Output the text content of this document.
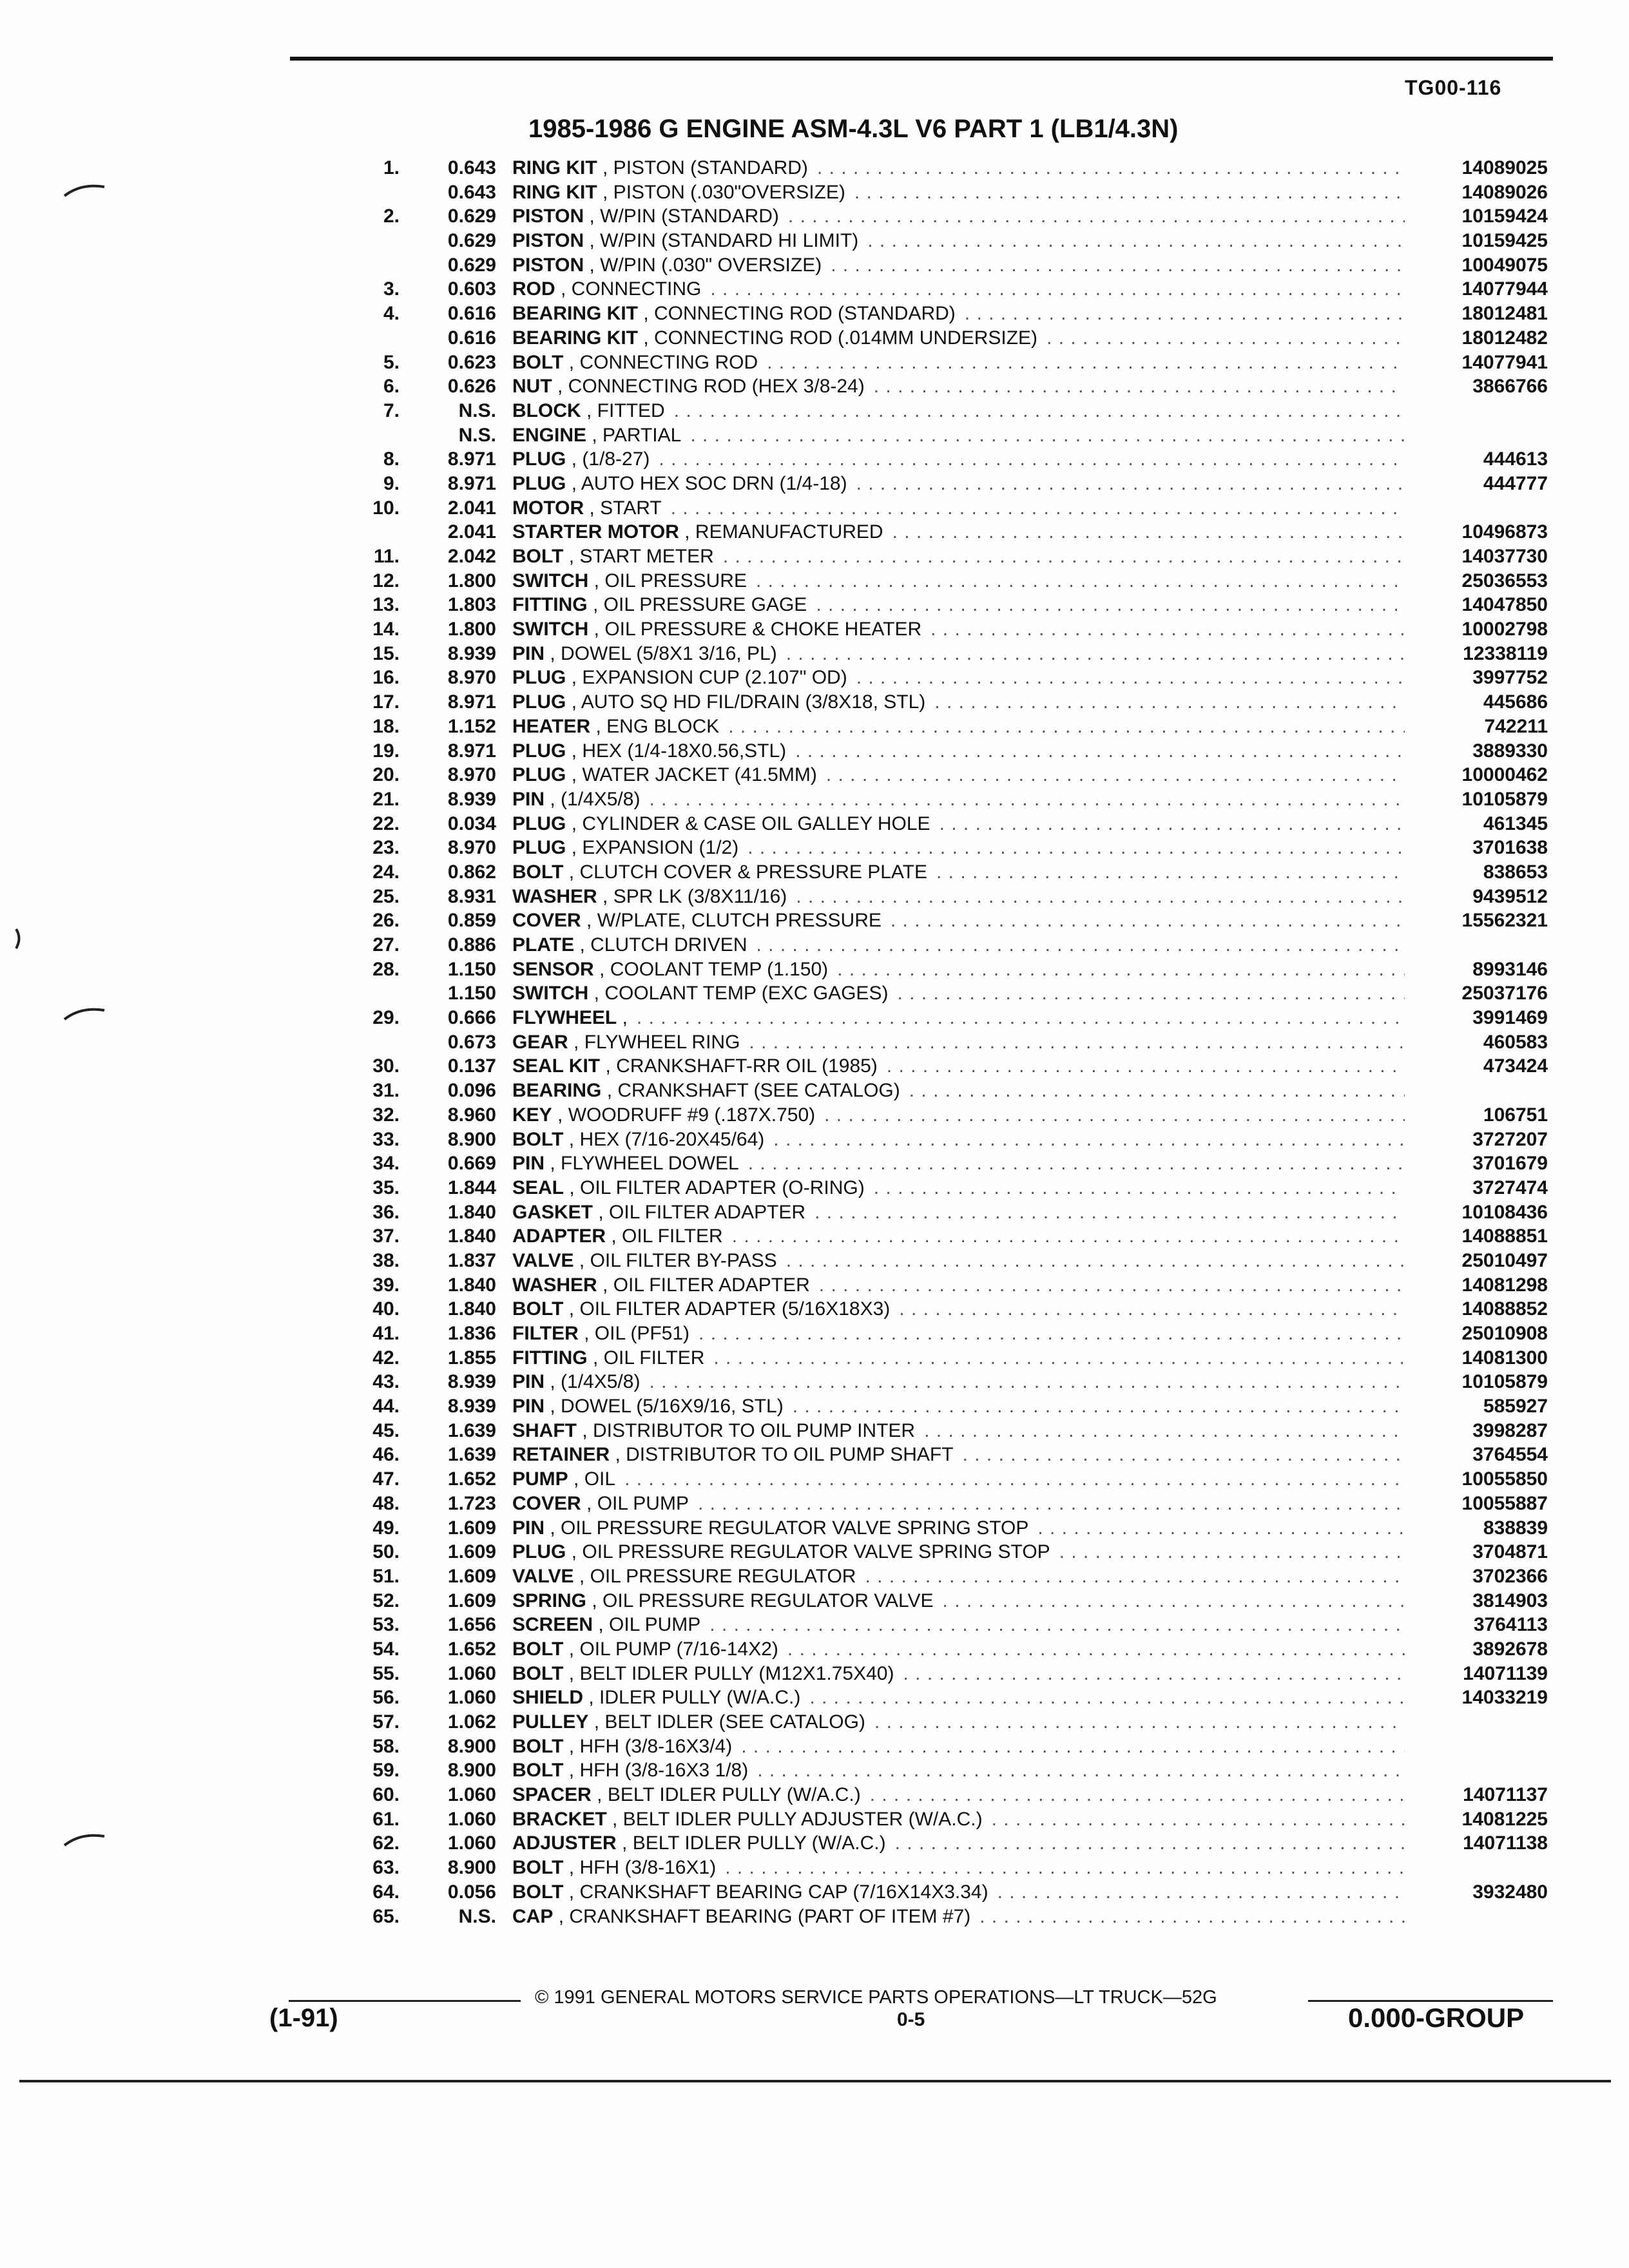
TG00-116
1985-1986 G ENGINE ASM-4.3L V6 PART 1 (LB1/4.3N)
1. 0.643 RING KIT , PISTON (STANDARD) . . .	14089025
0.643 RING KIT , PISTON (.030"OVERSIZE) . . .	14089026
2. 0.629 PISTON , W/PIN (STANDARD) . . .	10159424
0.629 PISTON , W/PIN (STANDARD HI LIMIT) . . .	10159425
0.629 PISTON , W/PIN (.030" OVERSIZE) . . .	10049075
3. 0.603 ROD , CONNECTING . . .	14077944
4. 0.616 BEARING KIT , CONNECTING ROD (STANDARD) . . .	18012481
0.616 BEARING KIT , CONNECTING ROD (.014MM UNDERSIZE) . . .	18012482
5. 0.623 BOLT , CONNECTING ROD . . .	14077941
6. 0.626 NUT , CONNECTING ROD (HEX 3/8-24) . . .	3866766
7.	N.S. BLOCK , FITTED . . .
N.S. ENGINE , PARTIAL . . .
8. 8.971 PLUG , (1/8-27) . . .	444613
9. 8.971 PLUG , AUTO HEX SOC DRN (1/4-18) . . .	444777
10. 2.041 MOTOR , START . . .
2.041 STARTER MOTOR , REMANUFACTURED . . .	10496873
11. 2.042 BOLT , START METER . . .	14037730
12. 1.800 SWITCH , OIL PRESSURE . . .	25036553
13. 1.803 FITTING , OIL PRESSURE GAGE . . .	14047850
14. 1.800 SWITCH , OIL PRESSURE & CHOKE HEATER . . .	10002798
15. 8.939 PIN , DOWEL (5/8X1 3/16, PL) . . .	12338119
16. 8.970 PLUG , EXPANSION CUP (2.107" OD) . . .	3997752
17. 8.971 PLUG , AUTO SQ HD FIL/DRAIN (3/8X18, STL) . . .	445686
18. 1.152 HEATER , ENG BLOCK . . .	742211
19. 8.971 PLUG , HEX (1/4-18X0.56,STL) . . .	3889330
20. 8.970 PLUG , WATER JACKET (41.5MM) . . .	10000462
21. 8.939 PIN , (1/4X5/8) . . .	10105879
22. 0.034 PLUG , CYLINDER & CASE OIL GALLEY HOLE . . .	461345
23. 8.970 PLUG , EXPANSION (1/2) . . .	3701638
24. 0.862 BOLT , CLUTCH COVER & PRESSURE PLATE . . .	838653
25. 8.931 WASHER , SPR LK (3/8X11/16) . . .	9439512
26. 0.859 COVER , W/PLATE, CLUTCH PRESSURE . . .	15562321
27. 0.886 PLATE , CLUTCH DRIVEN . . .
28. 1.150 SENSOR , COOLANT TEMP (1.150) . . .	8993146
1.150 SWITCH , COOLANT TEMP (EXC GAGES) . . .	25037176
29. 0.666 FLYWHEEL , . . .	3991469
0.673 GEAR , FLYWHEEL RING . . .	460583
30. 0.137 SEAL KIT , CRANKSHAFT-RR OIL (1985) . . .	473424
31. 0.096 BEARING , CRANKSHAFT (SEE CATALOG) . . .
32. 8.960 KEY , WOODRUFF #9 (.187X.750) . . .	106751
33. 8.900 BOLT , HEX (7/16-20X45/64) . . .	3727207
34. 0.669 PIN , FLYWHEEL DOWEL . . .	3701679
35. 1.844 SEAL , OIL FILTER ADAPTER (O-RING) . . .	3727474
36. 1.840 GASKET , OIL FILTER ADAPTER . . .	10108436
37. 1.840 ADAPTER , OIL FILTER . . .	14088851
38. 1.837 VALVE , OIL FILTER BY-PASS . . .	25010497
39. 1.840 WASHER , OIL FILTER ADAPTER . . .	14081298
40. 1.840 BOLT , OIL FILTER ADAPTER (5/16X18X3) . . .	14088852
41. 1.836 FILTER , OIL (PF51) . . .	25010908
42. 1.855 FITTING , OIL FILTER . . .	14081300
43. 8.939 PIN , (1/4X5/8) . . .	10105879
44. 8.939 PIN , DOWEL (5/16X9/16, STL) . . .	585927
45. 1.639 SHAFT , DISTRIBUTOR TO OIL PUMP INTER . . .	3998287
46. 1.639 RETAINER , DISTRIBUTOR TO OIL PUMP SHAFT . . .	3764554
47. 1.652 PUMP , OIL . . .	10055850
48. 1.723 COVER , OIL PUMP . . .	10055887
49. 1.609 PIN , OIL PRESSURE REGULATOR VALVE SPRING STOP . . .	838839
50. 1.609 PLUG , OIL PRESSURE REGULATOR VALVE SPRING STOP . . .	3704871
51. 1.609 VALVE , OIL PRESSURE REGULATOR . . .	3702366
52. 1.609 SPRING , OIL PRESSURE REGULATOR VALVE . . .	3814903
53. 1.656 SCREEN , OIL PUMP . . .	3764113
54. 1.652 BOLT , OIL PUMP (7/16-14X2) . . .	3892678
55. 1.060 BOLT , BELT IDLER PULLY (M12X1.75X40) . . .	14071139
56. 1.060 SHIELD , IDLER PULLY (W/A.C.) . . .	14033219
57. 1.062 PULLEY , BELT IDLER (SEE CATALOG) . . .
58. 8.900 BOLT , HFH (3/8-16X3/4) . . .
59. 8.900 BOLT , HFH (3/8-16X3 1/8) . . .
60. 1.060 SPACER , BELT IDLER PULLY (W/A.C.) . . .	14071137
61. 1.060 BRACKET , BELT IDLER PULLY ADJUSTER (W/A.C.) . . .	14081225
62. 1.060 ADJUSTER , BELT IDLER PULLY (W/A.C.) . . .	14071138
63. 8.900 BOLT , HFH (3/8-16X1) . . .
64. 0.056 BOLT , CRANKSHAFT BEARING CAP (7/16X14X3.34) . . .	3932480
65.	N.S. CAP , CRANKSHAFT BEARING (PART OF ITEM #7) . . .
© 1991 GENERAL MOTORS SERVICE PARTS OPERATIONS—LT TRUCK—52G
(1-91)	0-5	0.000-GROUP
